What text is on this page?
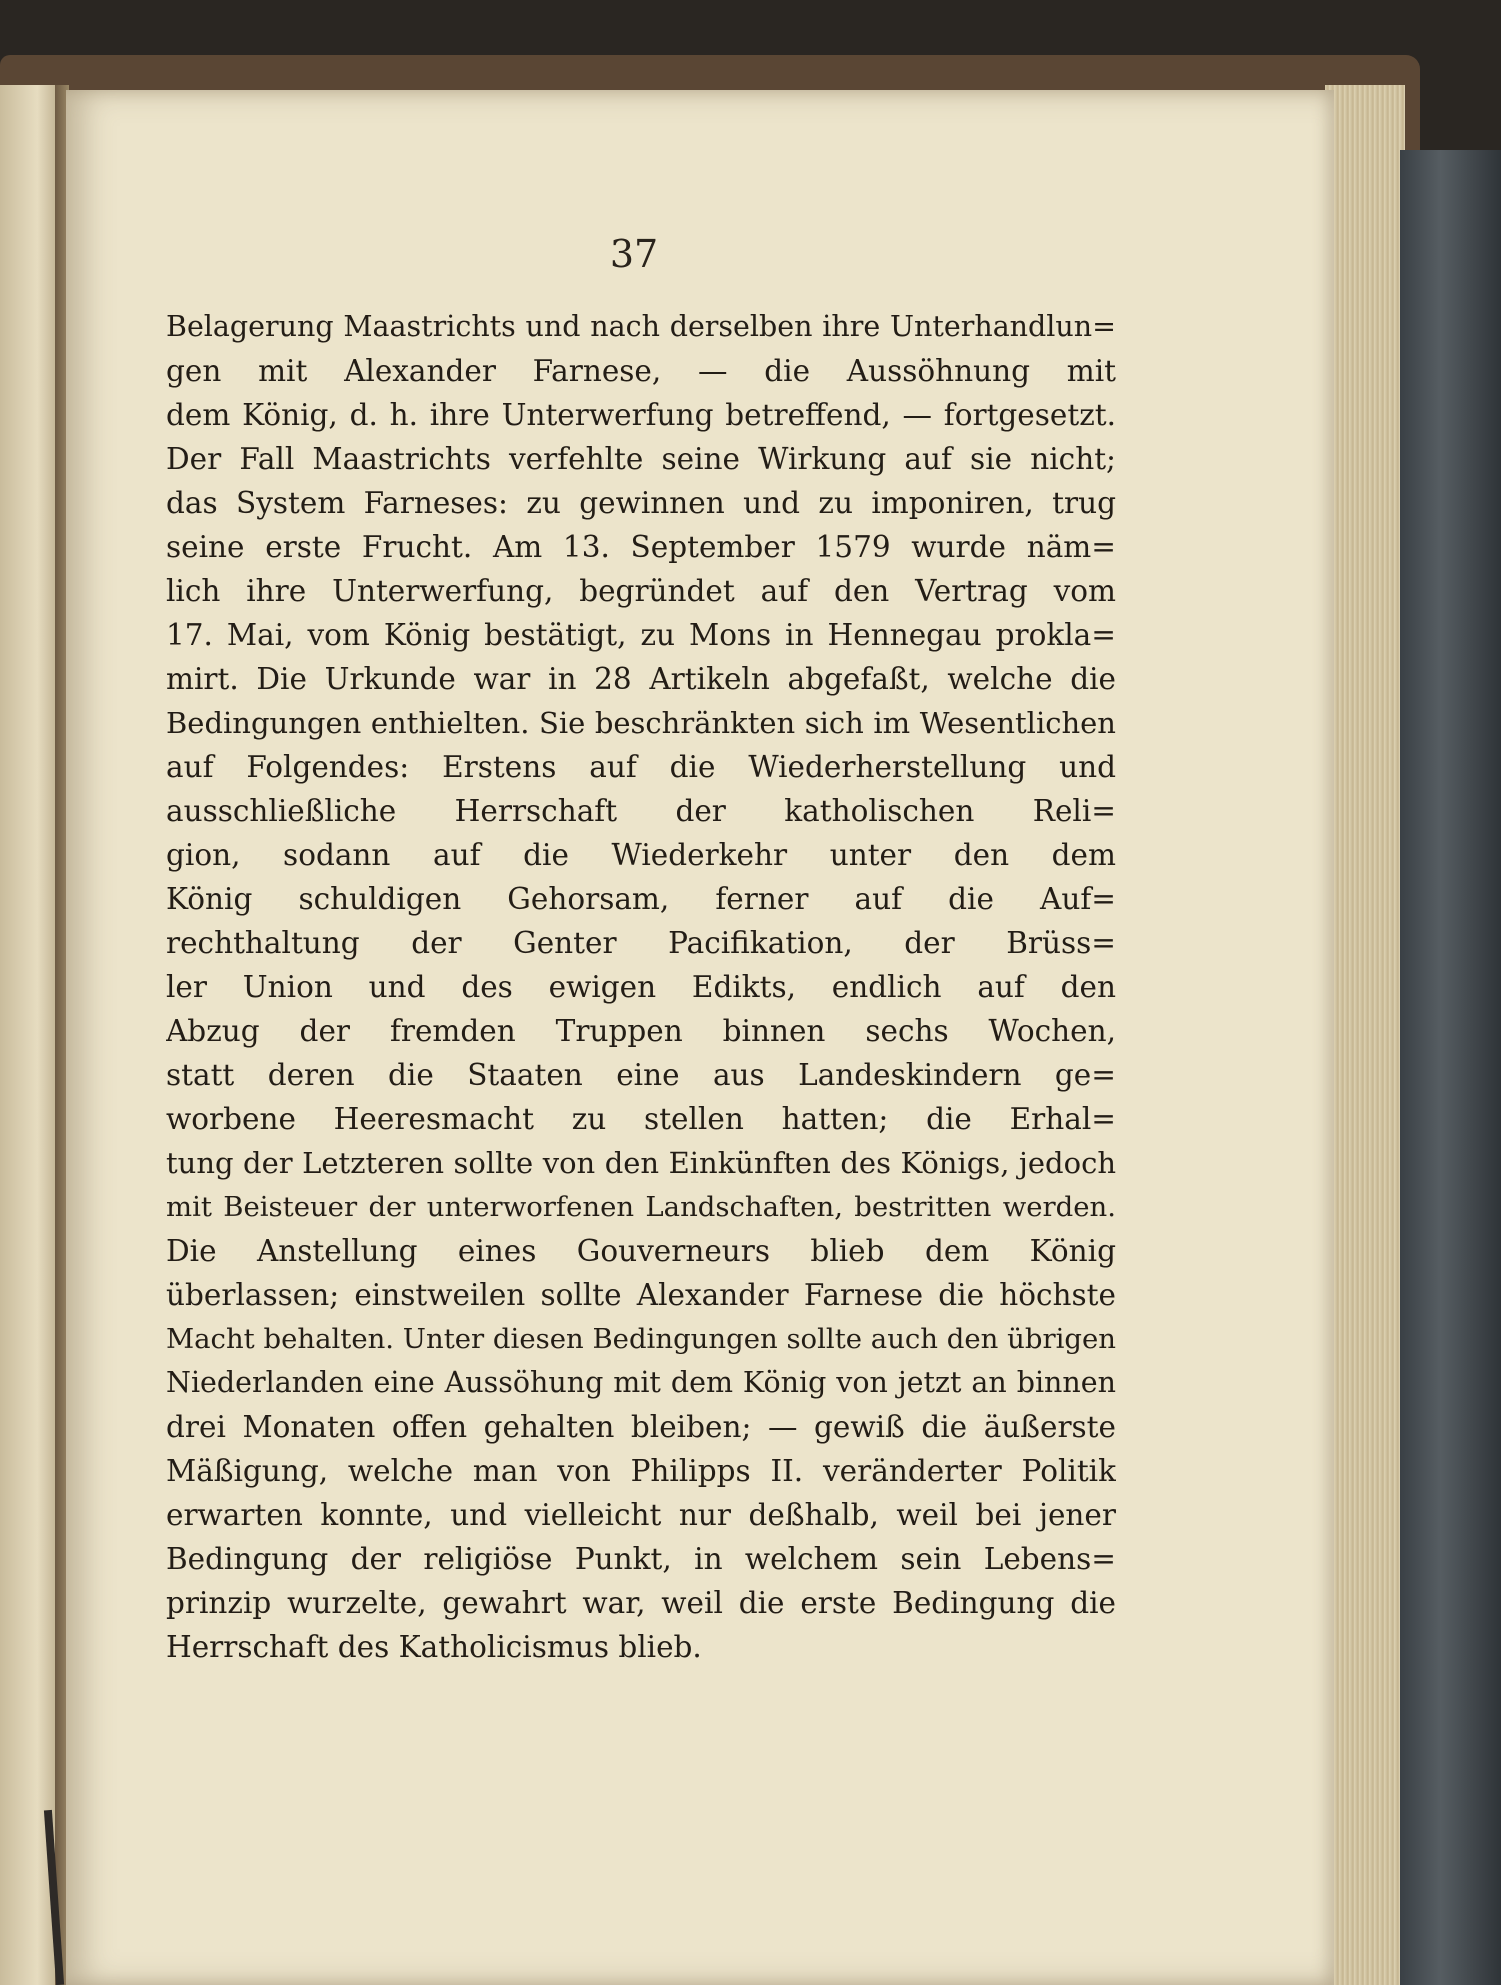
37
Belagerung Maastrichts und nach derselben ihre Unterhandlun=
gen mit Alexander Farnese, — die Aussöhnung mit
dem König, d. h. ihre Unterwerfung betreffend, — fortgesetzt.
Der Fall Maastrichts verfehlte seine Wirkung auf sie nicht;
das System Farneses: zu gewinnen und zu imponiren, trug
seine erste Frucht. Am 13. September 1579 wurde näm=
lich ihre Unterwerfung, begründet auf den Vertrag vom
17. Mai, vom König bestätigt, zu Mons in Hennegau prokla=
mirt. Die Urkunde war in 28 Artikeln abgefaßt, welche die
Bedingungen enthielten. Sie beschränkten sich im Wesentlichen
auf Folgendes: Erstens auf die Wiederherstellung und
ausschließliche Herrschaft der katholischen Reli=
gion, sodann auf die Wiederkehr unter den dem
König schuldigen Gehorsam, ferner auf die Auf=
rechthaltung der Genter Pacifikation, der Brüss=
ler Union und des ewigen Edikts, endlich auf den
Abzug der fremden Truppen binnen sechs Wochen,
statt deren die Staaten eine aus Landeskindern ge=
worbene Heeresmacht zu stellen hatten; die Erhal=
tung der Letzteren sollte von den Einkünften des Königs, jedoch
mit Beisteuer der unterworfenen Landschaften, bestritten werden.
Die Anstellung eines Gouverneurs blieb dem König
überlassen; einstweilen sollte Alexander Farnese die höchste
Macht behalten. Unter diesen Bedingungen sollte auch den übrigen
Niederlanden eine Aussöhung mit dem König von jetzt an binnen
drei Monaten offen gehalten bleiben; — gewiß die äußerste
Mäßigung, welche man von Philipps II. veränderter Politik
erwarten konnte, und vielleicht nur deßhalb, weil bei jener
Bedingung der religiöse Punkt, in welchem sein Lebens=
prinzip wurzelte, gewahrt war, weil die erste Bedingung die
Herrschaft des Katholicismus blieb.
